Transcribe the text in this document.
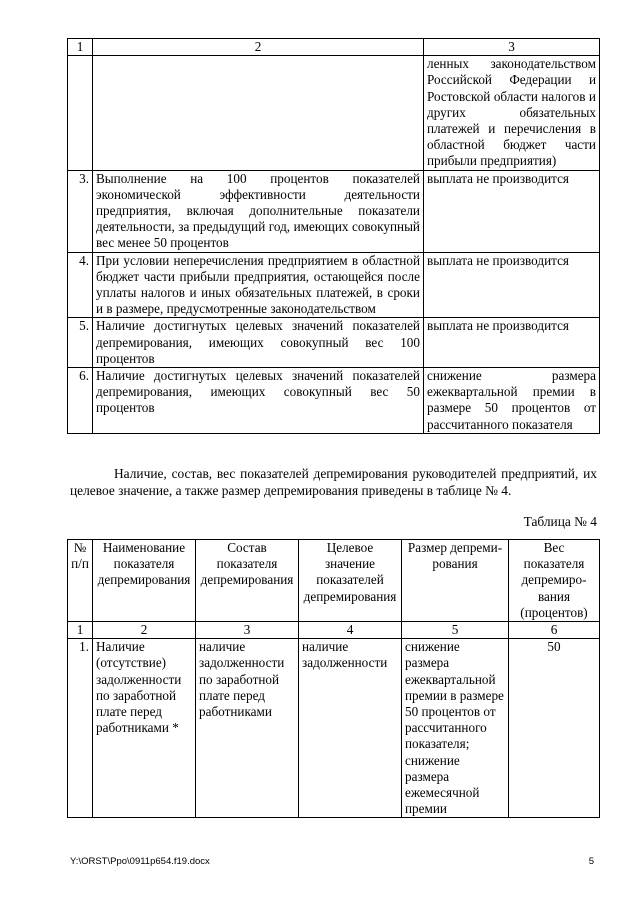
1	2	3
		ленных законодательством Российской Федерации и Ростовской области налогов и других обязательных платежей и перечисления в областной бюджет части прибыли предприятия)
3.	Выполнение на 100 процентов показателей экономической эффективности деятельности предприятия, включая дополнительные показатели деятельности, за предыдущий год, имеющих совокупный вес менее 50 процентов	выплата не производится
4.	При условии неперечисления предприятием в областной бюджет части прибыли предприятия, остающейся после уплаты налогов и иных обязательных платежей, в сроки и в размере, предусмотренные законодательством	выплата не производится
5.	Наличие достигнутых целевых значений показателей депремирования, имеющих совокупный вес 100 процентов	выплата не производится
6.	Наличие достигнутых целевых значений показателей депремирования, имеющих совокупный вес 50 процентов	снижение размера ежеквартальной премии в размере 50 процентов от рассчитанного показателя
Наличие, состав, вес показателей депремирования руководителей предприятий, их целевое значение, а также размер депремирования приведены в таблице № 4.
Таблица № 4
№ п/п	Наименование показателя депремирования	Состав показателя депремирования	Целевое значение показателей депремирования	Размер депремирования	Вес показателя депремирования (процентов)
1	2	3	4	5	6
1.	Наличие (отсутствие) задолженности по заработной плате перед работниками *	наличие задолженности по заработной плате перед работниками	наличие задолженности	снижение размера ежеквартальной премии в размере 50 процентов от рассчитанного показателя; снижение размера ежемесячной премии	50
Y:\ORST\Ppo\0911p654.f19.docx	5
